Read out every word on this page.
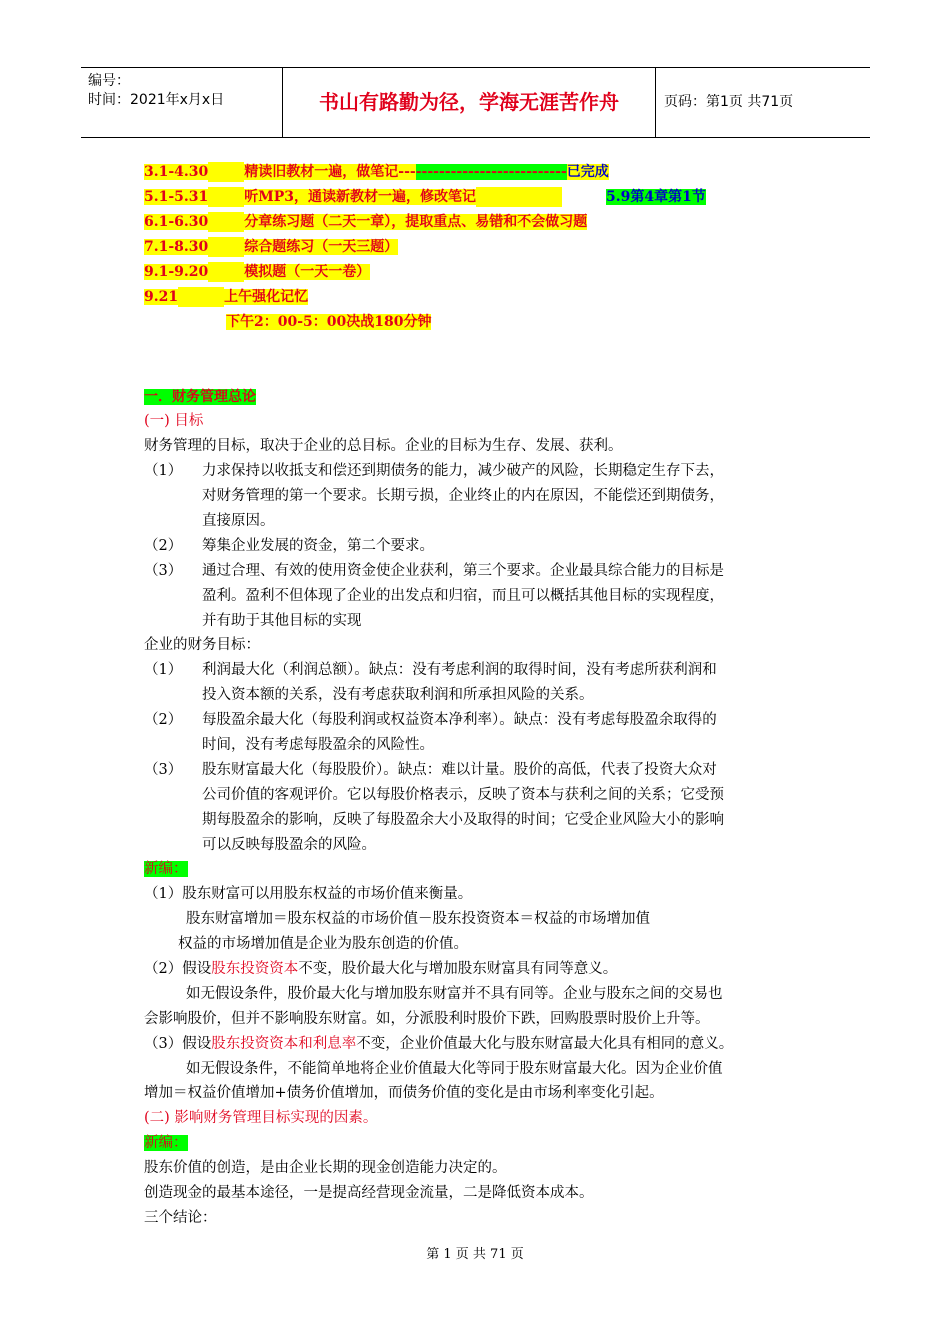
编号：
时间：2021年x月x日	书山有路勤为径，学海无涯苦作舟	页码：第1页 共71页
3.1-4.30	精读旧教材一遍，做笔记-----------------------------已完成
5.1-5.31	听MP3，通读新教材一遍，修改笔记	5.9第4章第1节
6.1-6.30	分章练习题（二天一章），提取重点、易错和不会做习题
7.1-8.30	综合题练习（一天三题）
9.1-9.20	模拟题（一天一卷）
9.21	上午强化记忆
下午2：00-5：00决战180分钟
一．财务管理总论
(一) 目标
财务管理的目标，取决于企业的总目标。企业的目标为生存、发展、获利。
（1） 力求保持以收抵支和偿还到期债务的能力，减少破产的风险，长期稳定生存下去，
对财务管理的第一个要求。长期亏损，企业终止的内在原因，不能偿还到期债务，
直接原因。
（2） 筹集企业发展的资金，第二个要求。
（3） 通过合理、有效的使用资金使企业获利，第三个要求。企业最具综合能力的目标是
盈利。盈利不但体现了企业的出发点和归宿，而且可以概括其他目标的实现程度，
并有助于其他目标的实现
企业的财务目标：
（1） 利润最大化（利润总额）。缺点：没有考虑利润的取得时间，没有考虑所获利润和
投入资本额的关系，没有考虑获取利润和所承担风险的关系。
（2） 每股盈余最大化（每股利润或权益资本净利率）。缺点：没有考虑每股盈余取得的
时间，没有考虑每股盈余的风险性。
（3） 股东财富最大化（每股股价）。缺点：难以计量。股价的高低，代表了投资大众对
公司价值的客观评价。它以每股价格表示，反映了资本与获利之间的关系；它受预
期每股盈余的影响，反映了每股盈余大小及取得的时间；它受企业风险大小的影响
可以反映每股盈余的风险。
新编：
（1）股东财富可以用股东权益的市场价值来衡量。
股东财富增加＝股东权益的市场价值－股东投资资本＝权益的市场增加值
权益的市场增加值是企业为股东创造的价值。
（2）假设股东投资资本不变，股价最大化与增加股东财富具有同等意义。
如无假设条件，股价最大化与增加股东财富并不具有同等。企业与股东之间的交易也
会影响股价，但并不影响股东财富。如，分派股利时股价下跌，回购股票时股价上升等。
（3）假设股东投资资本和利息率不变，企业价值最大化与股东财富最大化具有相同的意义。
如无假设条件，不能简单地将企业价值最大化等同于股东财富最大化。因为企业价值
增加＝权益价值增加+债务价值增加，而债务价值的变化是由市场利率变化引起。
(二) 影响财务管理目标实现的因素。
新编：
股东价值的创造，是由企业长期的现金创造能力决定的。
创造现金的最基本途径，一是提高经营现金流量，二是降低资本成本。
三个结论：
第 1 页 共 71 页
